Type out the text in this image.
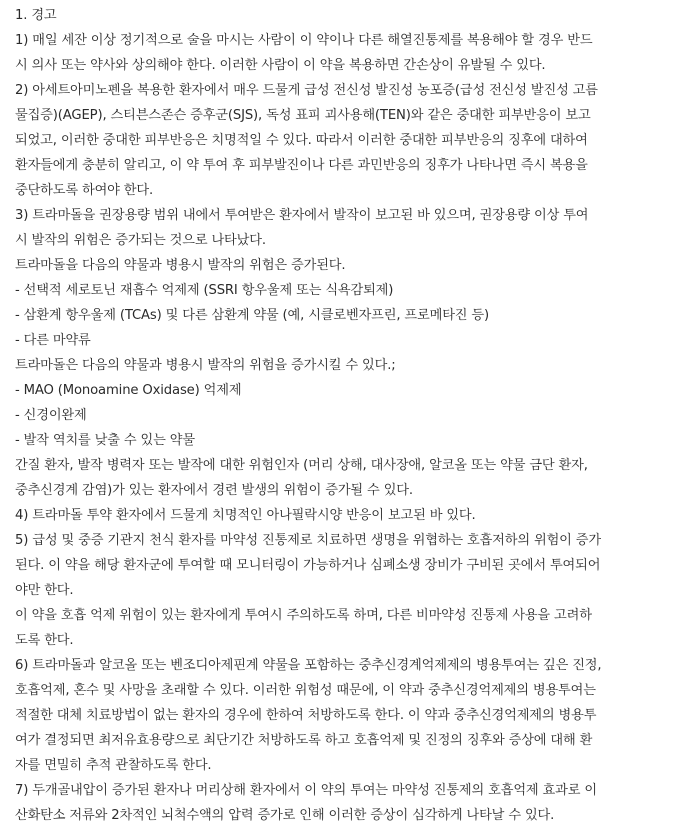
1. 경고
1) 매일 세잔 이상 정기적으로 술을 마시는 사람이 이 약이나 다른 해열진통제를 복용해야 할 경우 반드
시 의사 또는 약사와 상의해야 한다. 이러한 사람이 이 약을 복용하면 간손상이 유발될 수 있다.
2) 아세트아미노펜을 복용한 환자에서 매우 드물게 급성 전신성 발진성 농포증(급성 전신성 발진성 고름
물집증)(AGEP), 스티븐스존슨 증후군(SJS), 독성 표피 괴사용해(TEN)와 같은 중대한 피부반응이 보고
되었고, 이러한 중대한 피부반응은 치명적일 수 있다. 따라서 이러한 중대한 피부반응의 징후에 대하여
환자들에게 충분히 알리고, 이 약 투여 후 피부발진이나 다른 과민반응의 징후가 나타나면 즉시 복용을
중단하도록 하여야 한다.
3) 트라마돌을 권장용량 범위 내에서 투여받은 환자에서 발작이 보고된 바 있으며, 권장용량 이상 투여
시 발작의 위험은 증가되는 것으로 나타났다.
트라마돌을 다음의 약물과 병용시 발작의 위험은 증가된다.
- 선택적 세로토닌 재흡수 억제제 (SSRI 항우울제 또는 식욕감퇴제)
- 삼환계 항우울제 (TCAs) 및 다른 삼환계 약물 (예, 시클로벤자프린, 프로메타진 등)
- 다른 마약류
트라마돌은 다음의 약물과 병용시 발작의 위험을 증가시킬 수 있다.;
- MAO (Monoamine Oxidase) 억제제
- 신경이완제
- 발작 역치를 낮출 수 있는 약물
간질 환자, 발작 병력자 또는 발작에 대한 위험인자 (머리 상해, 대사장애, 알코올 또는 약물 금단 환자,
중추신경계 감염)가 있는 환자에서 경련 발생의 위험이 증가될 수 있다.
4) 트라마돌 투약 환자에서 드물게 치명적인 아나필락시양 반응이 보고된 바 있다.
5) 급성 및 중증 기관지 천식 환자를 마약성 진통제로 치료하면 생명을 위협하는 호흡저하의 위험이 증가
된다. 이 약을 해당 환자군에 투여할 때 모니터링이 가능하거나 심폐소생 장비가 구비된 곳에서 투여되어
야만 한다.
이 약을 호흡 억제 위험이 있는 환자에게 투여시 주의하도록 하며, 다른 비마약성 진통제 사용을 고려하
도록 한다.
6) 트라마돌과 알코올 또는 벤조디아제핀계 약물을 포함하는 중추신경계억제제의 병용투여는 깊은 진정,
호흡억제, 혼수 및 사망을 초래할 수 있다. 이러한 위험성 때문에, 이 약과 중추신경억제제의 병용투여는
적절한 대체 치료방법이 없는 환자의 경우에 한하여 처방하도록 한다. 이 약과 중추신경억제제의 병용투
여가 결정되면 최저유효용량으로 최단기간 처방하도록 하고 호흡억제 및 진정의 징후와 증상에 대해 환
자를 면밀히 추적 관찰하도록 한다.
7) 두개골내압이 증가된 환자나 머리상해 환자에서 이 약의 투여는 마약성 진통제의 호흡억제 효과로 이
산화탄소 저류와 2차적인 뇌척수액의 압력 증가로 인해 이러한 증상이 심각하게 나타날 수 있다.
